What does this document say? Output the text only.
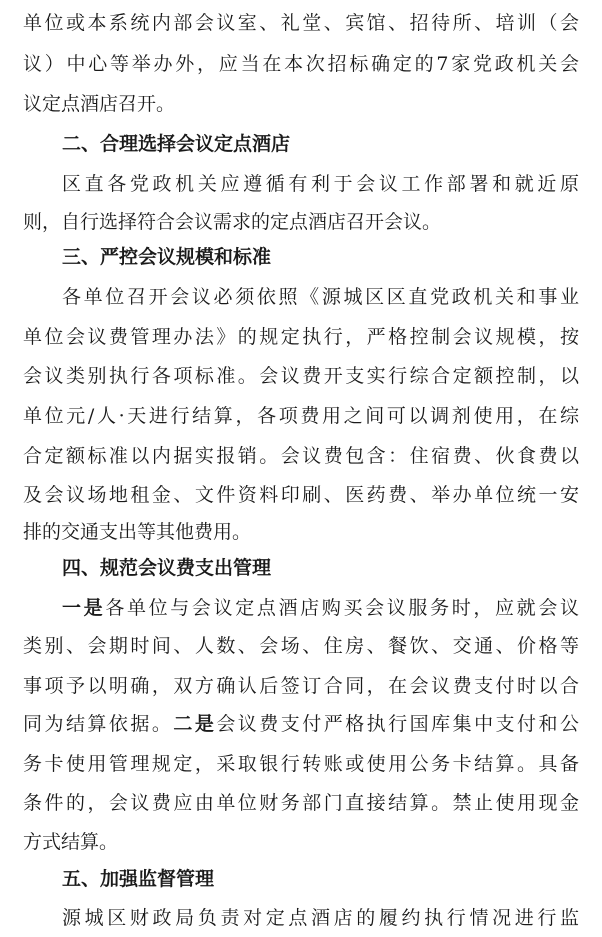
单位或本系统内部会议室、礼堂、宾馆、招待所、培训（会
议）中心等举办外，应当在本次招标确定的7家党政机关会
议定点酒店召开。
二、合理选择会议定点酒店
区直各党政机关应遵循有利于会议工作部署和就近原
则，自行选择符合会议需求的定点酒店召开会议。
三、严控会议规模和标准
各单位召开会议必须依照《源城区区直党政机关和事业
单位会议费管理办法》的规定执行，严格控制会议规模，按
会议类别执行各项标准。会议费开支实行综合定额控制，以
单位元/人·天进行结算，各项费用之间可以调剂使用，在综
合定额标准以内据实报销。会议费包含：住宿费、伙食费以
及会议场地租金、文件资料印刷、医药费、举办单位统一安
排的交通支出等其他费用。
四、规范会议费支出管理
一是各单位与会议定点酒店购买会议服务时，应就会议
类别、会期时间、人数、会场、住房、餐饮、交通、价格等
事项予以明确，双方确认后签订合同，在会议费支付时以合
同为结算依据。二是会议费支付严格执行国库集中支付和公
务卡使用管理规定，采取银行转账或使用公务卡结算。具备
条件的，会议费应由单位财务部门直接结算。禁止使用现金
方式结算。
五、加强监督管理
源城区财政局负责对定点酒店的履约执行情况进行监
